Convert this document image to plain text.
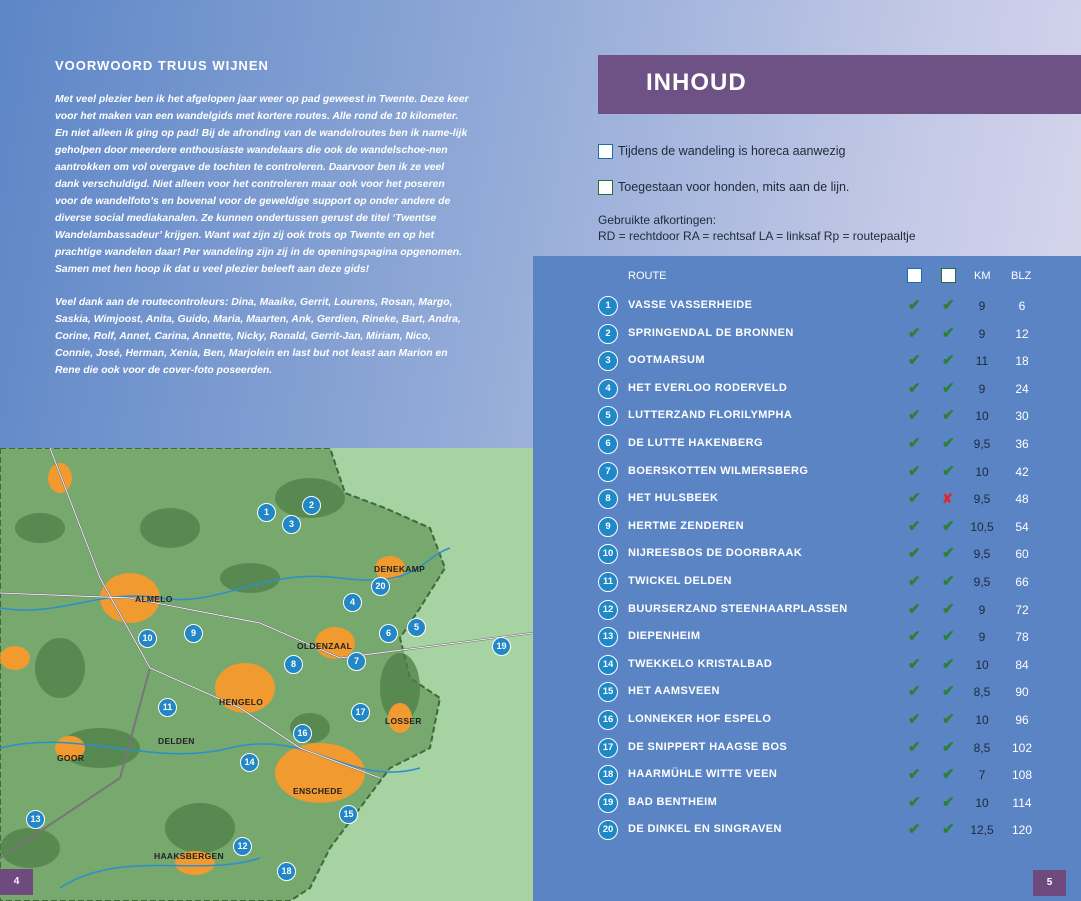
VOORWOORD TRUUS WIJNEN

Met veel plezier ben ik het afgelopen jaar weer op pad geweest in Twente. Deze keer voor het maken van een wandelgids met kortere routes. Alle rond de 10 kilometer.

En niet alleen ik ging op pad! Bij de afronding van de wandelroutes ben ik name-lijk geholpen door meerdere enthousiaste wandelaars die ook de wandelschoe-nen aantrokken om vol overgave de tochten te controleren. Daarvoor ben ik ze veel dank verschuldigd. Niet alleen voor het controleren maar ook voor het poseren voor de wandelfoto’s en bovenal voor de geweldige support op onder andere de diverse social mediakanalen. Ze kunnen ondertussen gerust de titel ‘Twentse Wandelambassadeur’ krijgen. Want wat zijn zij ook trots op Twente en op het prachtige wandelen daar! Per wandeling zijn zij in de openingspagina opgenomen. Samen met hen hoop ik dat u veel plezier beleeft aan deze gids!

Veel dank aan de routecontroleurs: Dina, Maaike, Gerrit, Lourens, Rosan, Margo, Saskia, Wimjoost, Anita, Guido, Maria, Maarten, Ank, Gerdien, Rineke, Bart, Andra, Corine, Rolf, Annet, Carina, Annette, Nicky, Ronald, Gerrit-Jan, Miriam, Nico, Connie, José, Herman, Xenia, Ben, Marjolein en last but not least aan Marion en Rene die ook voor de cover-foto poseerden.

ALMELO
DENEKAMP
OLDENZAAL
HENGELO
LOSSER
DELDEN
GOOR
ENSCHEDE
HAAKSBERGEN
1
2
3
4
5
6
7
8
9
10
11
12
13
14
15
16
17
18
19
20
4
INHOUD
Tijdens de wandeling is horeca aanwezig
Toegestaan voor honden, mits aan de lijn.
Gebruikte afkortingen:
RD = rechtdoor RA = rechtsaf LA = linksaf Rp = routepaaltje
ROUTE	KM BLZ
1	VASSE VASSERHEIDE	✔ ✔	9	6
2	SPRINGENDAL DE BRONNEN	✔ ✔	9	12
3	OOTMARSUM	✔ ✔	11	18
4	HET EVERLOO RODERVELD	✔ ✔	9	24
5	LUTTERZAND FLORILYMPHA	✔ ✔	10	30
6	DE LUTTE HAKENBERG	✔ ✔	9,5	36
7	BOERSKOTTEN WILMERSBERG	✔ ✔	10	42
8	HET HULSBEEK	✔ ✘	9,5	48
9	HERTME ZENDEREN	✔ ✔	10,5	54
10	NIJREESBOS DE DOORBRAAK	✔ ✔	9,5	60
11	TWICKEL DELDEN	✔ ✔	9,5	66
12	BUURSERZAND STEENHAARPLASSEN	✔ ✔	9	72
13	DIEPENHEIM	✔ ✔	9	78
14	TWEKKELO KRISTALBAD	✔ ✔	10	84
15	HET AAMSVEEN	✔ ✔	8,5	90
16	LONNEKER HOF ESPELO	✔ ✔	10	96
17	DE SNIPPERT HAAGSE BOS	✔ ✔	8,5	102
18	HAARMÜHLE WITTE VEEN	✔ ✔	7	108
19	BAD BENTHEIM	✔ ✔	10	114
20	DE DINKEL EN SINGRAVEN	✔ ✔	12,5	120
5
